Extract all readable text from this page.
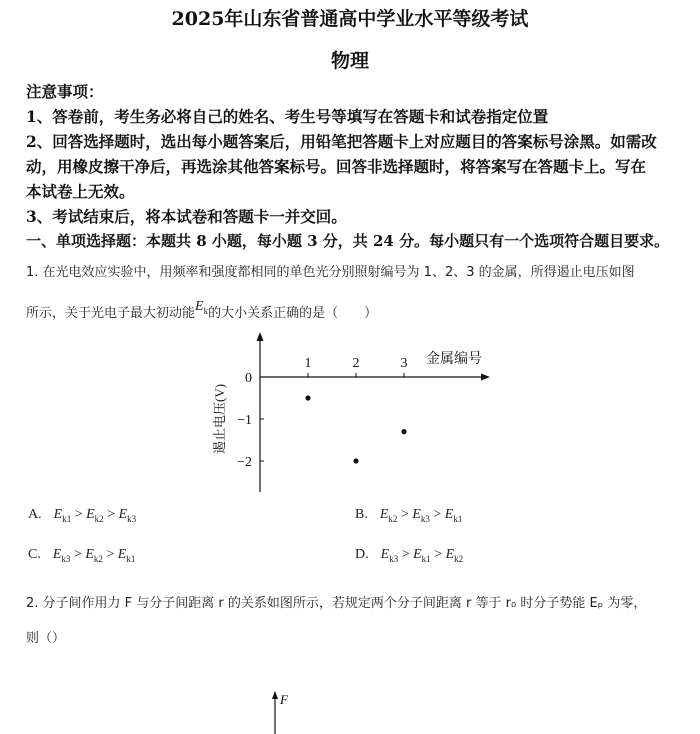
2025年山东省普通高中学业水平等级考试
物理
注意事项：
1、答卷前，考生务必将自己的姓名、考生号等填写在答题卡和试卷指定位置
2、回答选择题时，选出每小题答案后，用铅笔把答题卡上对应题目的答案标号涂黑。如需改
动，用橡皮擦干净后，再选涂其他答案标号。回答非选择题时，将答案写在答题卡上。写在
本试卷上无效。
3、考试结束后，将本试卷和答题卡一并交回。
一、单项选择题：本题共 8 小题，每小题 3 分，共 24 分。每小题只有一个选项符合题目要求。
1. 在光电效应实验中，用频率和强度都相同的单色光分别照射编号为 1、2、3 的金属，所得遏止电压如图
所示，关于光电子最大初动能$E_k$的大小关系正确的是（　　）
1	2	3
0
−1
−2
金属编号
遏止电压(V)
A. $E_{k1} > E_{k2} > E_{k3}$	B. $E_{k2} > E_{k3} > E_{k1}$
C. $E_{k3} > E_{k2} > E_{k1}$	D. $E_{k3} > E_{k1} > E_{k2}$
2. 分子间作用力 F 与分子间距离 r 的关系如图所示，若规定两个分子间距离 r 等于 r₀ 时分子势能 Eₚ 为零，
则（）
F
